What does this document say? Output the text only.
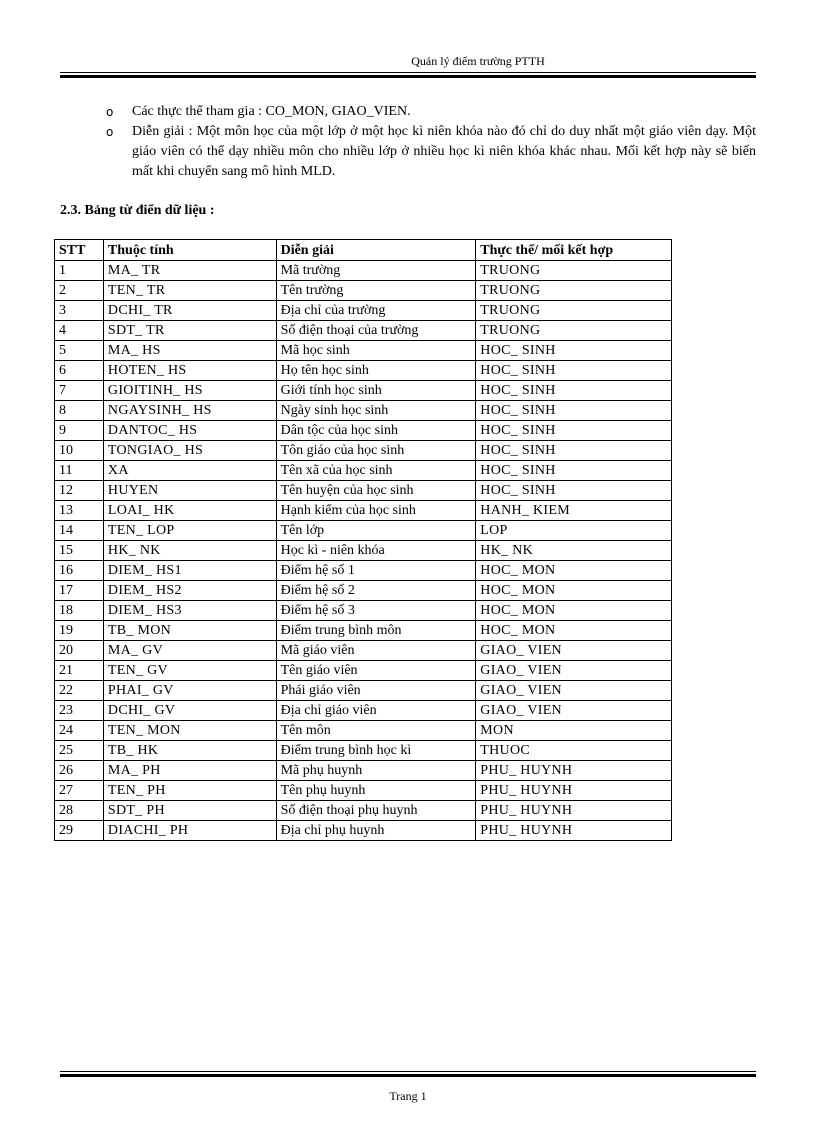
Quản lý điểm trường PTTH
o Các thực thể tham gia : CO_MON, GIAO_VIEN.
o Diễn giải : Một môn học của một lớp ở một học kì niên khóa nào đó chỉ do duy nhất một giáo viên dạy. Một giáo viên có thể dạy nhiều môn cho nhiều lớp ở nhiều học kì niên khóa khác nhau. Mối kết hợp này sẽ biến mất khi chuyển sang mô hình MLD.
2.3. Bảng từ điển dữ liệu :
STT	Thuộc tính	Diễn giải	Thực thể/ mối kết hợp
1	MA_ TR	Mã trường	TRUONG
2	TEN_ TR	Tên trường	TRUONG
3	DCHI_ TR	Địa chỉ của trường	TRUONG
4	SDT_ TR	Số điện thoại của trường	TRUONG
5	MA_ HS	Mã học sinh	HOC_ SINH
6	HOTEN_ HS	Họ tên học sinh	HOC_ SINH
7	GIOITINH_ HS	Giới tính học sinh	HOC_ SINH
8	NGAYSINH_ HS	Ngày sinh học sinh	HOC_ SINH
9	DANTOC_ HS	Dân tộc của học sinh	HOC_ SINH
10	TONGIAO_ HS	Tôn giáo của học sinh	HOC_ SINH
11	XA	Tên xã của học sinh	HOC_ SINH
12	HUYEN	Tên huyện của học sinh	HOC_ SINH
13	LOAI_ HK	Hạnh kiểm của học sinh	HANH_ KIEM
14	TEN_ LOP	Tên lớp	LOP
15	HK_ NK	Học kì - niên khóa	HK_ NK
16	DIEM_ HS1	Điểm hệ số 1	HOC_ MON
17	DIEM_ HS2	Điểm hệ số 2	HOC_ MON
18	DIEM_ HS3	Điểm hệ số 3	HOC_ MON
19	TB_ MON	Điểm trung bình môn	HOC_ MON
20	MA_ GV	Mã giáo viên	GIAO_ VIEN
21	TEN_ GV	Tên giáo viên	GIAO_ VIEN
22	PHAI_ GV	Phái giáo viên	GIAO_ VIEN
23	DCHI_ GV	Địa chỉ giáo viên	GIAO_ VIEN
24	TEN_ MON	Tên môn	MON
25	TB_ HK	Điểm trung bình học kì	THUOC
26	MA_ PH	Mã phụ huynh	PHU_ HUYNH
27	TEN_ PH	Tên phụ huynh	PHU_ HUYNH
28	SDT_ PH	Số điện thoại phụ huynh	PHU_ HUYNH
29	DIACHI_ PH	Địa chỉ phụ huynh	PHU_ HUYNH
Trang 1
